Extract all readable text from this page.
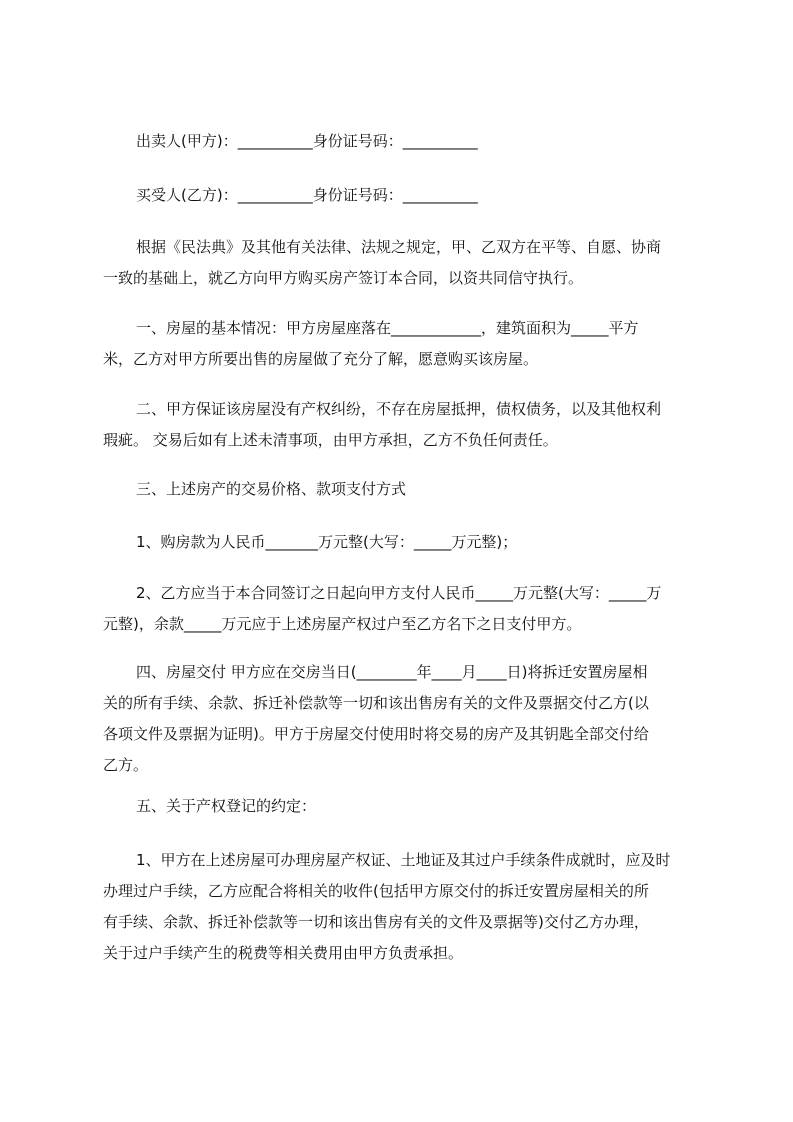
出卖人(甲方)：__________身份证号码：__________

买受人(乙方)：__________身份证号码：__________

根据《民法典》及其他有关法律、法规之规定，甲、乙双方在平等、自愿、协商
一致的基础上，就乙方向甲方购买房产签订本合同，以资共同信守执行。

一、房屋的基本情况：甲方房屋座落在____________，建筑面积为_____平方
米，乙方对甲方所要出售的房屋做了充分了解，愿意购买该房屋。

二、甲方保证该房屋没有产权纠纷，不存在房屋抵押，债权债务，以及其他权利
瑕疵。 交易后如有上述未清事项，由甲方承担，乙方不负任何责任。

三、上述房产的交易价格、款项支付方式

1、购房款为人民币_______万元整(大写：_____万元整)；

2、乙方应当于本合同签订之日起向甲方支付人民币_____万元整(大写：_____万
元整)，余款_____万元应于上述房屋产权过户至乙方名下之日支付甲方。

四、房屋交付 甲方应在交房当日(________年____月____日)将拆迁安置房屋相
关的所有手续、余款、拆迁补偿款等一切和该出售房有关的文件及票据交付乙方(以
各项文件及票据为证明)。甲方于房屋交付使用时将交易的房产及其钥匙全部交付给
乙方。

五、关于产权登记的约定：

1、甲方在上述房屋可办理房屋产权证、土地证及其过户手续条件成就时，应及时
办理过户手续，乙方应配合将相关的收件(包括甲方原交付的拆迁安置房屋相关的所
有手续、余款、拆迁补偿款等一切和该出售房有关的文件及票据等)交付乙方办理，
关于过户手续产生的税费等相关费用由甲方负责承担。
